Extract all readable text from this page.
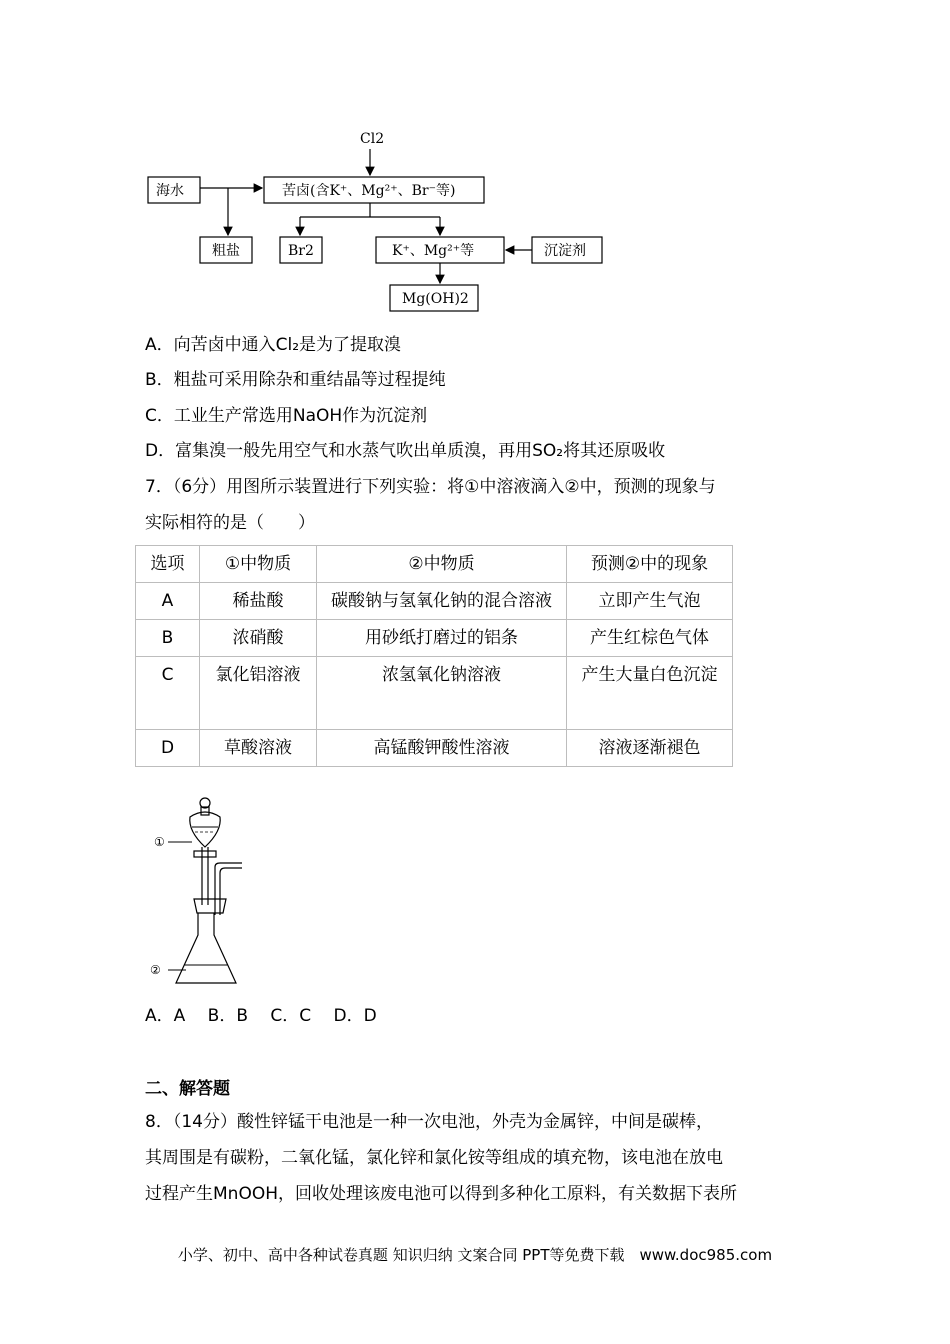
Cl2
海水	苦卤(含K⁺、Mg²⁺、Br⁻等)
粗盐	Br2	K⁺、Mg²⁺等	沉淀剂
Mg(OH)2
A．向苦卤中通入Cl₂是为了提取溴
B．粗盐可采用除杂和重结晶等过程提纯
C．工业生产常选用NaOH作为沉淀剂
D．富集溴一般先用空气和水蒸气吹出单质溴，再用SO₂将其还原吸收
7．（6分）用图所示装置进行下列实验：将①中溶液滴入②中，预测的现象与
实际相符的是（　　）
选项	①中物质	②中物质	预测②中的现象
A	稀盐酸	碳酸钠与氢氧化钠的混合溶液	立即产生气泡
B	浓硝酸	用砂纸打磨过的铝条	产生红棕色气体
C	氯化铝溶液	浓氢氧化钠溶液	产生大量白色沉淀
D	草酸溶液	高锰酸钾酸性溶液	溶液逐渐褪色
①
②
A．A　 B．B　 C．C　 D．D
二、解答题
8．（14分）酸性锌锰干电池是一种一次电池，外壳为金属锌，中间是碳棒，
其周围是有碳粉，二氧化锰，氯化锌和氯化铵等组成的填充物，该电池在放电
过程产生MnOOH，回收处理该废电池可以得到多种化工原料，有关数据下表所
小学、初中、高中各种试卷真题 知识归纳 文案合同 PPT等免费下载　www.doc985.com
